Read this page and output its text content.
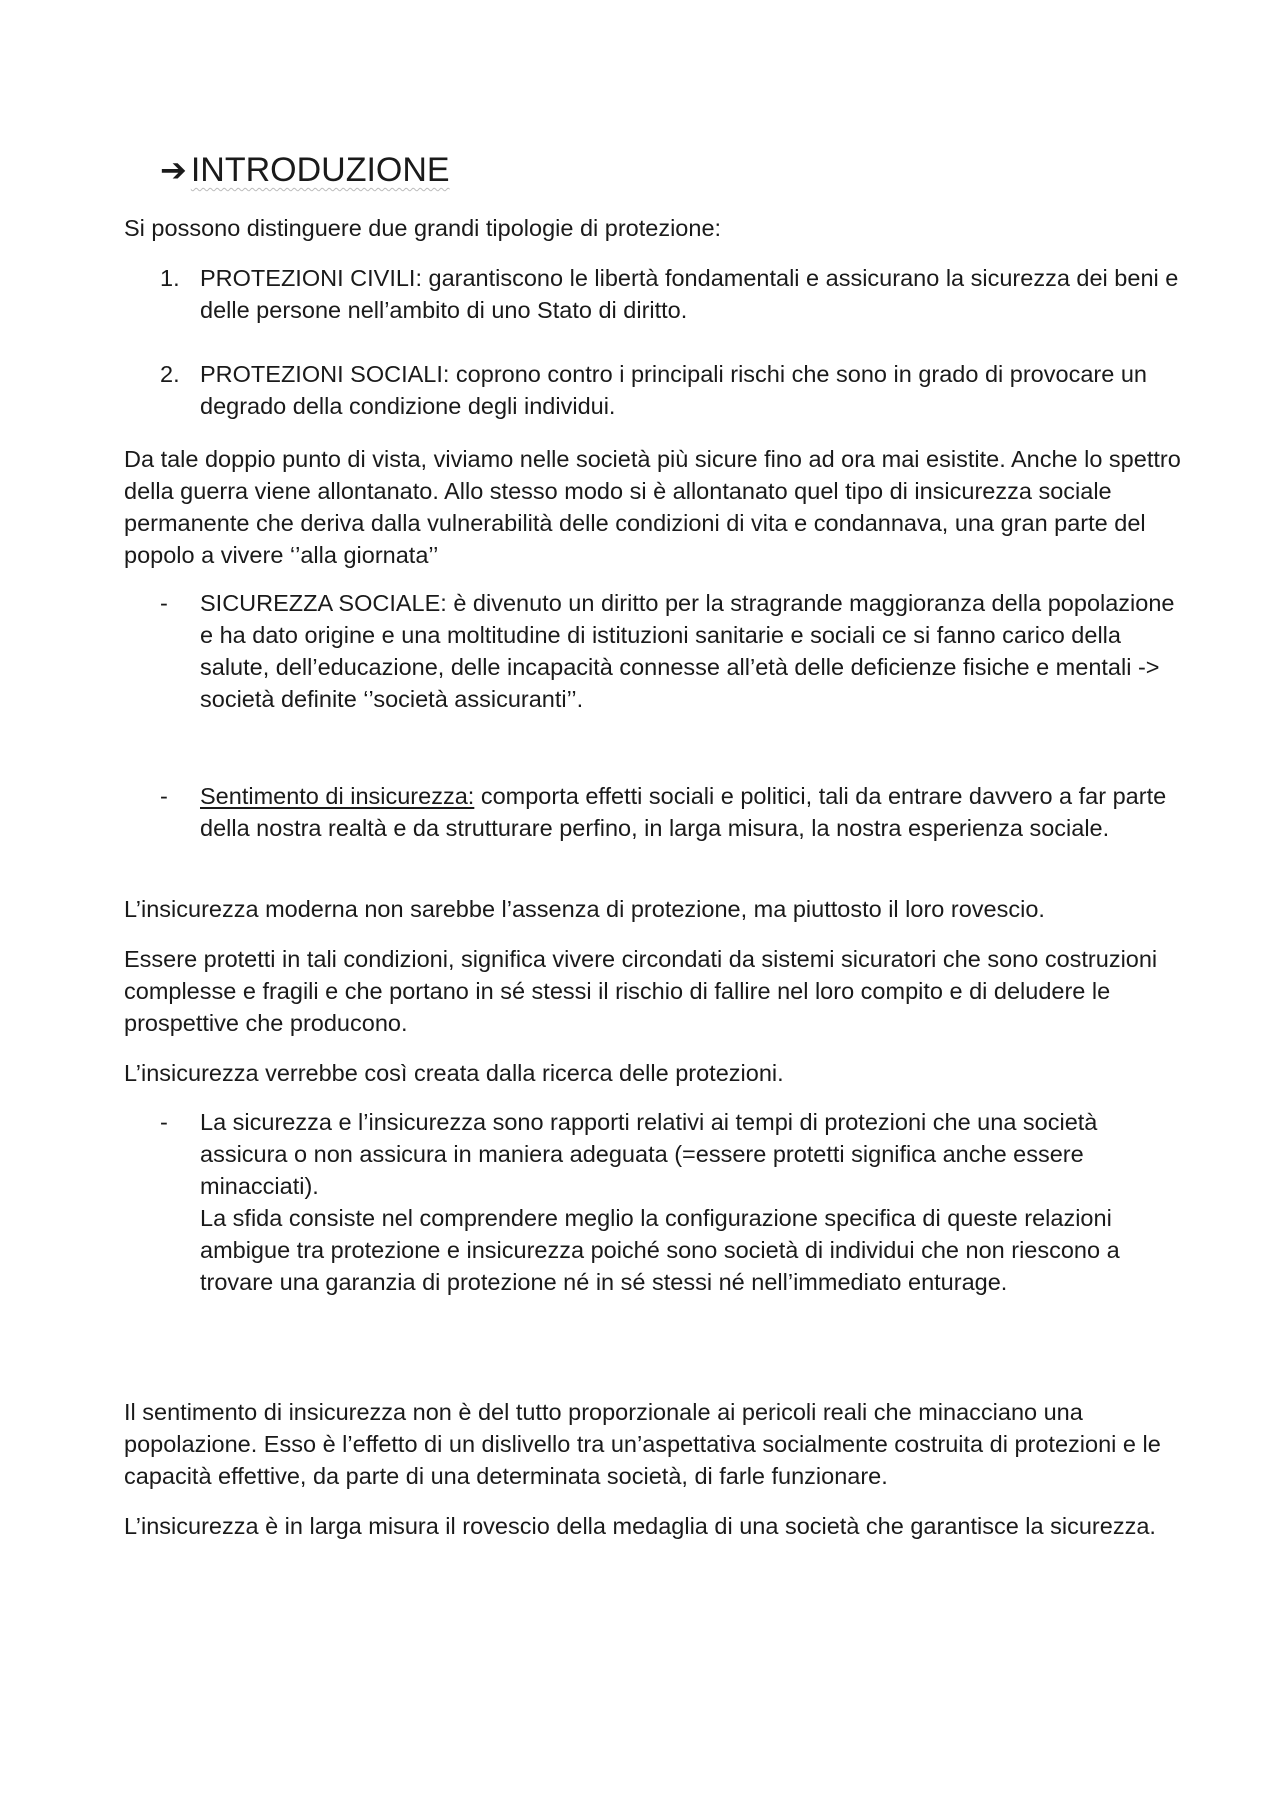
➔ INTRODUZIONE

Si possono distinguere due grandi tipologie di protezione:

1. PROTEZIONI CIVILI: garantiscono le libertà fondamentali e assicurano la sicurezza dei beni e delle persone nell’ambito di uno Stato di diritto.
2. PROTEZIONI SOCIALI: coprono contro i principali rischi che sono in grado di provocare un degrado della condizione degli individui.

Da tale doppio punto di vista, viviamo nelle società più sicure fino ad ora mai esistite. Anche lo spettro della guerra viene allontanato. Allo stesso modo si è allontanato quel tipo di insicurezza sociale permanente che deriva dalla vulnerabilità delle condizioni di vita e condannava, una gran parte del popolo a vivere ‘’alla giornata’’

- SICUREZZA SOCIALE: è divenuto un diritto per la stragrande maggioranza della popolazione e ha dato origine e una moltitudine di istituzioni sanitarie e sociali ce si fanno carico della salute, dell’educazione, delle incapacità connesse all’età delle deficienze fisiche e mentali -> società definite ‘’società assicuranti’’.
- Sentimento di insicurezza: comporta effetti sociali e politici, tali da entrare davvero a far parte della nostra realtà e da strutturare perfino, in larga misura, la nostra esperienza sociale.

L’insicurezza moderna non sarebbe l’assenza di protezione, ma piuttosto il loro rovescio.

Essere protetti in tali condizioni, significa vivere circondati da sistemi sicuratori che sono costruzioni complesse e fragili e che portano in sé stessi il rischio di fallire nel loro compito e di deludere le prospettive che producono.

L’insicurezza verrebbe così creata dalla ricerca delle protezioni.

- La sicurezza e l’insicurezza sono rapporti relativi ai tempi di protezioni che una società assicura o non assicura in maniera adeguata (=essere protetti significa anche essere minacciati).
La sfida consiste nel comprendere meglio la configurazione specifica di queste relazioni ambigue tra protezione e insicurezza poiché sono società di individui che non riescono a trovare una garanzia di protezione né in sé stessi né nell’immediato enturage.

Il sentimento di insicurezza non è del tutto proporzionale ai pericoli reali che minacciano una popolazione. Esso è l’effetto di un dislivello tra un’aspettativa socialmente costruita di protezioni e le capacità effettive, da parte di una determinata società, di farle funzionare.

L’insicurezza è in larga misura il rovescio della medaglia di una società che garantisce la sicurezza.
